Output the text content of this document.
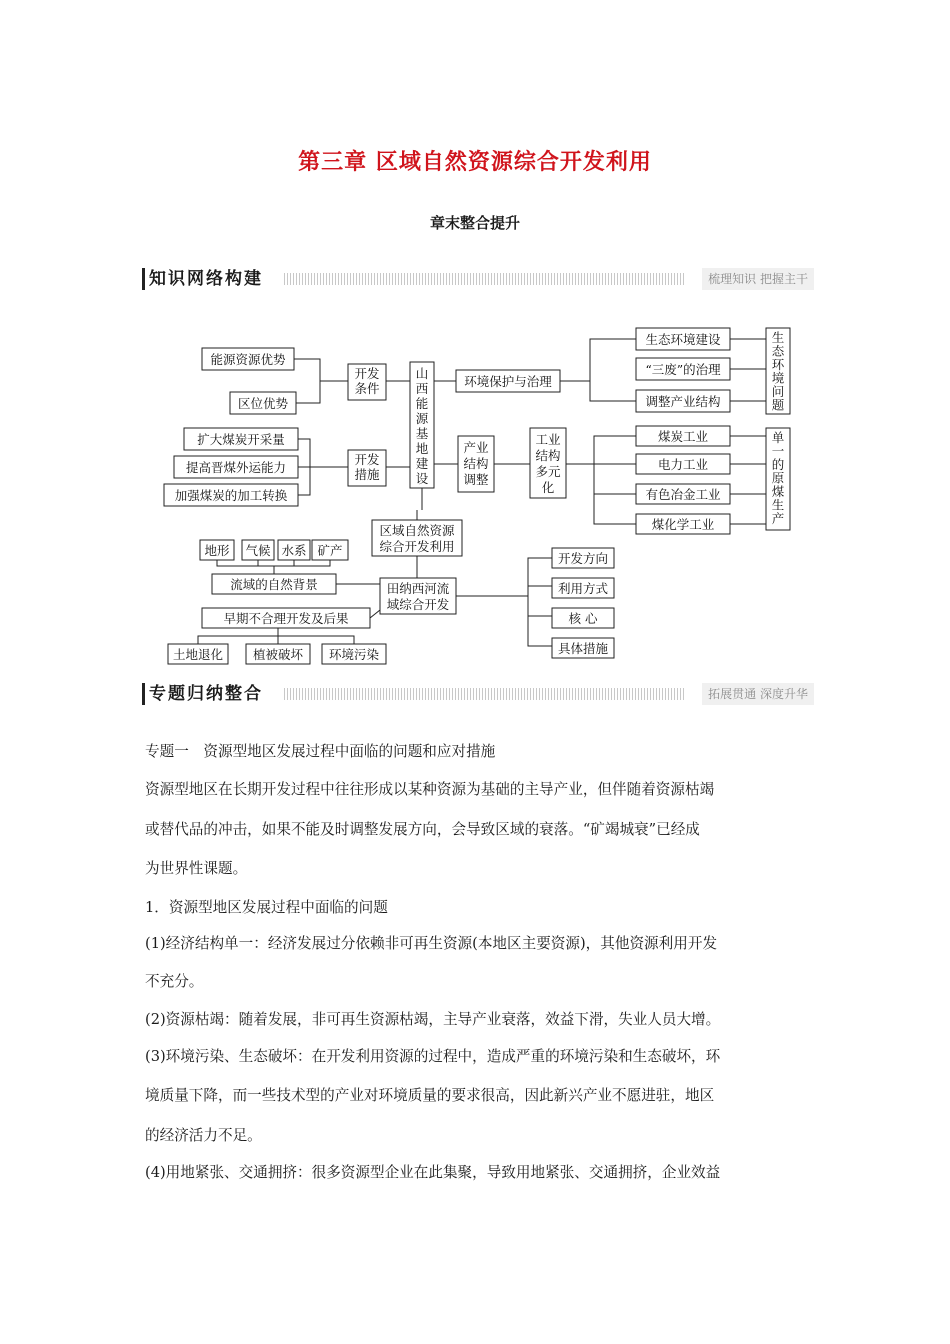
第三章 区域自然资源综合开发利用
章末整合提升
知识网络构建	梳理知识 把握主干
能源资源优势
区位优势
扩大煤炭开采量
提高晋煤外运能力
加强煤炭的加工转换
环境保护与治理
生态环境建设
“三废”的治理
调整产业结构
煤炭工业
电力工业
有色冶金工业
煤化学工业
流域的自然背景
早期不合理开发及后果
地形 气候 水系 矿产
土地退化 植被破坏 环境污染
开发方向
利用方式
核 心
具体措施
山
西
能
源
基
地
建
设
生
态
环
境
问
题
单
一
的
原
煤
生
产
开发
条件
开发
措施
产业
结构
调整
工业
结构
多元
化
区域自然资源
综合开发利用
田纳西河流
域综合开发
专题归纳整合	拓展贯通 深度升华
专题一　资源型地区发展过程中面临的问题和应对措施
资源型地区在长期开发过程中往往形成以某种资源为基础的主导产业，但伴随着资源枯竭
或替代品的冲击，如果不能及时调整发展方向，会导致区域的衰落。“矿竭城衰”已经成
为世界性课题。
1．资源型地区发展过程中面临的问题
(1)经济结构单一：经济发展过分依赖非可再生资源(本地区主要资源)，其他资源利用开发
不充分。
(2)资源枯竭：随着发展，非可再生资源枯竭，主导产业衰落，效益下滑，失业人员大增。
(3)环境污染、生态破坏：在开发利用资源的过程中，造成严重的环境污染和生态破坏，环
境质量下降，而一些技术型的产业对环境质量的要求很高，因此新兴产业不愿进驻，地区
的经济活力不足。
(4)用地紧张、交通拥挤：很多资源型企业在此集聚，导致用地紧张、交通拥挤，企业效益
